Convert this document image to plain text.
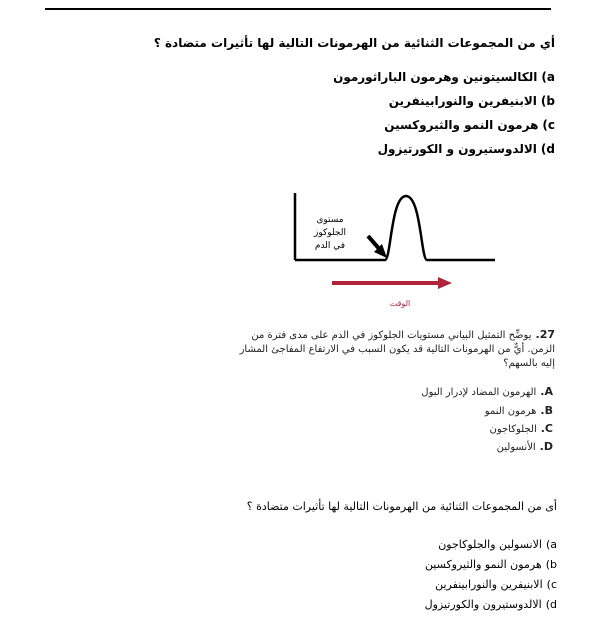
أي من المجموعات الثنائية من الهرمونات التالية لها تأثيرات متضادة ؟
a)الكالسيتونين وهرمون الباراثورمون
b)الابنيفرين والنورابينفرين
c)هرمون النمو والثيروكسين
d)الالدوستيرون و الكورتيزول
مستوى
الجلوكوز
في الدم
الوقت
27.يوضِّح التمثيل البياني مستويات الجلوكوز في الدم على مدى فترة من الزمن. أيٌّ من الهرمونات التالية قد يكون السبب في الارتفاع المفاجئ المشار إليه بالسهم؟
A.الهرمون المضاد لإدرار البول
B.هرمون النمو
C.الجلوكاجون
D.الأنسولين
أى من المجموعات الثنائية من الهرمونات التالية لها تأثيرات متضادة ؟
a)الانسولين والجلوكاجون
b)هرمون النمو والثيروكسين
c)الابنيفرين والنورابينفرين
d)الالدوستيرون والكورتيزول
